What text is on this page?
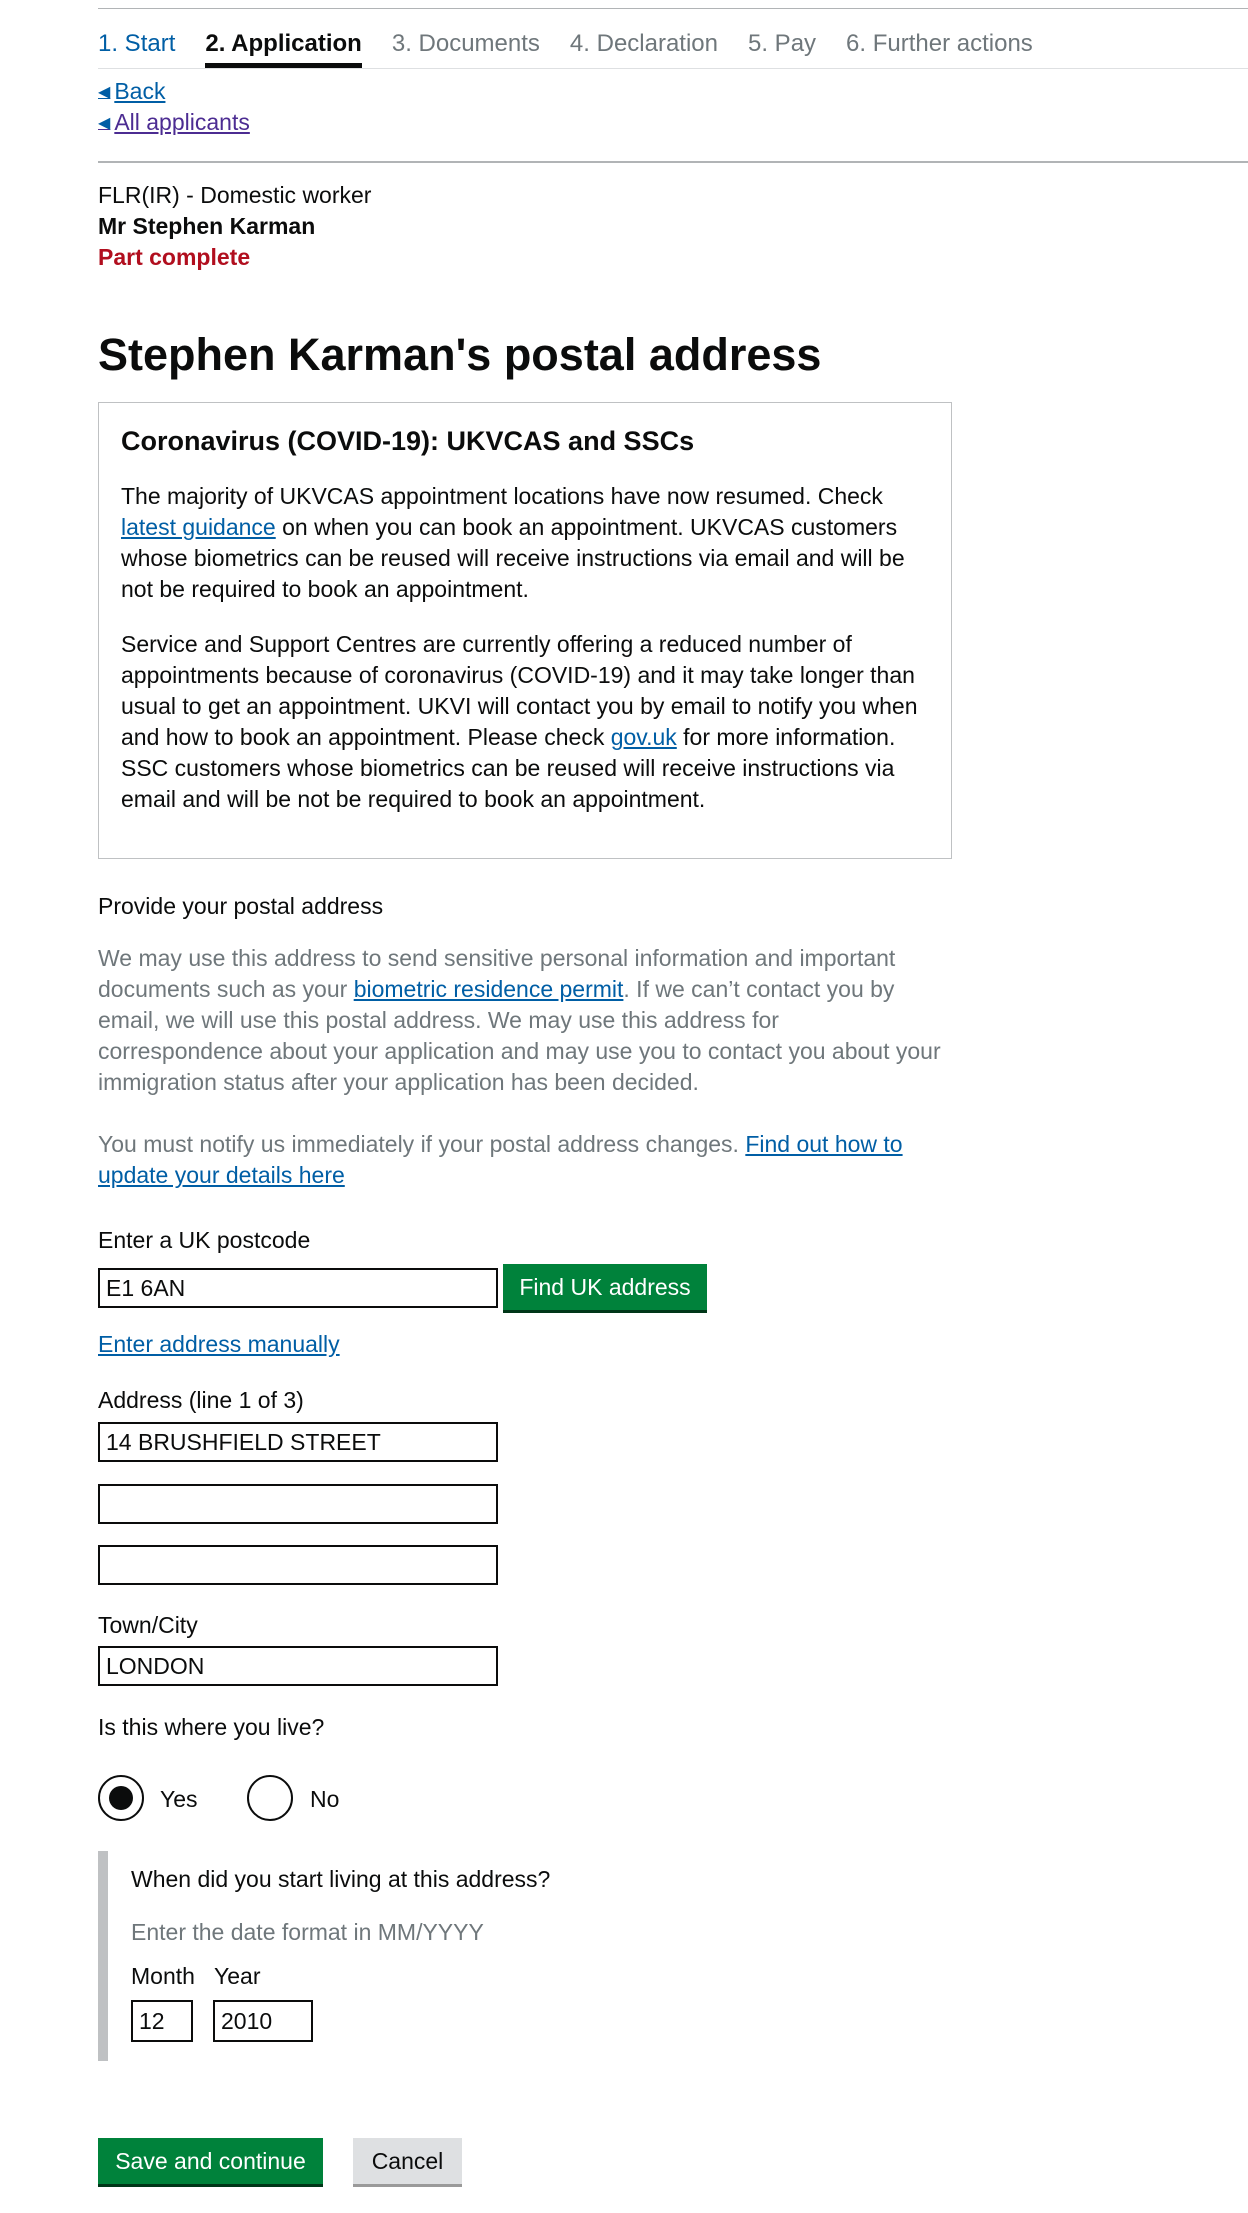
1. Start 2. Application 3. Documents 4. Declaration 5. Pay 6. Further actions
◀ Back
◀ All applicants
FLR(IR) - Domestic worker
Mr Stephen Karman
Part complete
Stephen Karman's postal address
Coronavirus (COVID-19): UKVCAS and SSCs

The majority of UKVCAS appointment locations have now resumed. Check latest guidance on when you can book an appointment. UKVCAS customers whose biometrics can be reused will receive instructions via email and will be not be required to book an appointment.

Service and Support Centres are currently offering a reduced number of appointments because of coronavirus (COVID-19) and it may take longer than usual to get an appointment. UKVI will contact you by email to notify you when and how to book an appointment. Please check gov.uk for more information. SSC customers whose biometrics can be reused will receive instructions via email and will be not be required to book an appointment.

Provide your postal address
We may use this address to send sensitive personal information and important documents such as your biometric residence permit. If we can’t contact you by email, we will use this postal address. We may use this address for correspondence about your application and may use you to contact you about your immigration status after your application has been decided.
You must notify us immediately if your postal address changes. Find out how to update your details here
Enter a UK postcode
E1 6AN
Find UK address
Enter address manually
Address (line 1 of 3)
14 BRUSHFIELD STREET
Town/City
LONDON
Is this where you live?
Yes	No
When did you start living at this address?
Enter the date format in MM/YYYY
Month Year
12
2010
Save and continue	Cancel
